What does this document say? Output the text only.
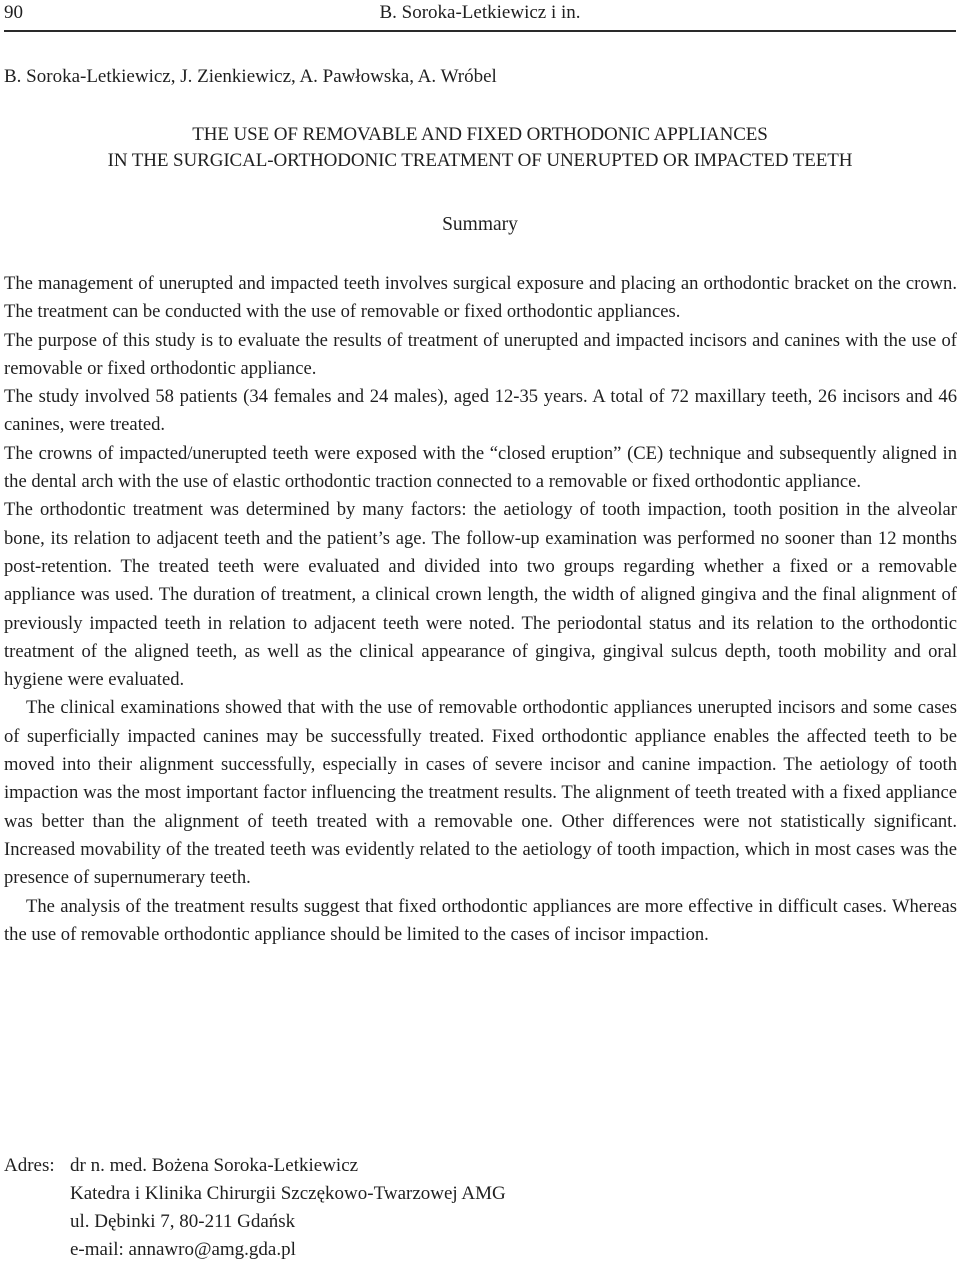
90	B. Soroka-Letkiewicz i in.
B. Soroka-Letkiewicz, J. Zienkiewicz, A. Pawłowska, A. Wróbel
THE USE OF REMOVABLE AND FIXED ORTHODONIC APPLIANCES
IN THE SURGICAL-ORTHODONIC TREATMENT OF UNERUPTED OR IMPACTED TEETH
Summary

The management of unerupted and impacted teeth involves surgical exposure and placing an orthodontic bracket on the crown. The treatment can be conducted with the use of removable or fixed orthodontic appliances.

The purpose of this study is to evaluate the results of treatment of unerupted and impacted incisors and canines with the use of removable or fixed orthodontic appliance.

The study involved 58 patients (34 females and 24 males), aged 12-35 years. A total of 72 maxillary teeth, 26 incisors and 46 canines, were treated.

The crowns of impacted/unerupted teeth were exposed with the “closed eruption” (CE) technique and subsequently aligned in the dental arch with the use of elastic orthodontic traction connected to a removable or fixed orthodontic appliance.

The orthodontic treatment was determined by many factors: the aetiology of tooth impaction, tooth position in the alveolar bone, its relation to adjacent teeth and the patient’s age. The follow-up examination was performed no sooner than 12 months post-retention. The treated teeth were evaluated and divided into two groups regarding whether a fixed or a removable appliance was used. The duration of treatment, a clinical crown length, the width of aligned gingiva and the final alignment of previously impacted teeth in relation to adjacent teeth were noted. The periodontal status and its relation to the orthodontic treatment of the aligned teeth, as well as the clinical appearance of gingiva, gingival sulcus depth, tooth mobility and oral hygiene were evaluated.

The clinical examinations showed that with the use of removable orthodontic appliances unerupted incisors and some cases of superficially impacted canines may be successfully treated. Fixed orthodontic appliance enables the affected teeth to be moved into their alignment successfully, especially in cases of severe incisor and canine impaction. The aetiology of tooth impaction was the most important factor influencing the treatment results. The alignment of teeth treated with a fixed appliance was better than the alignment of teeth treated with a removable one. Other differences were not statistically significant. Increased movability of the treated teeth was evidently related to the aetiology of tooth impaction, which in most cases was the presence of supernumerary teeth.

The analysis of the treatment results suggest that fixed orthodontic appliances are more effective in difficult cases. Whereas the use of removable orthodontic appliance should be limited to the cases of incisor impaction.

Adres: dr n. med. Bożena Soroka-Letkiewicz
Katedra i Klinika Chirurgii Szczękowo-Twarzowej AMG
ul. Dębinki 7, 80-211 Gdańsk
e-mail: annawro@amg.gda.pl
